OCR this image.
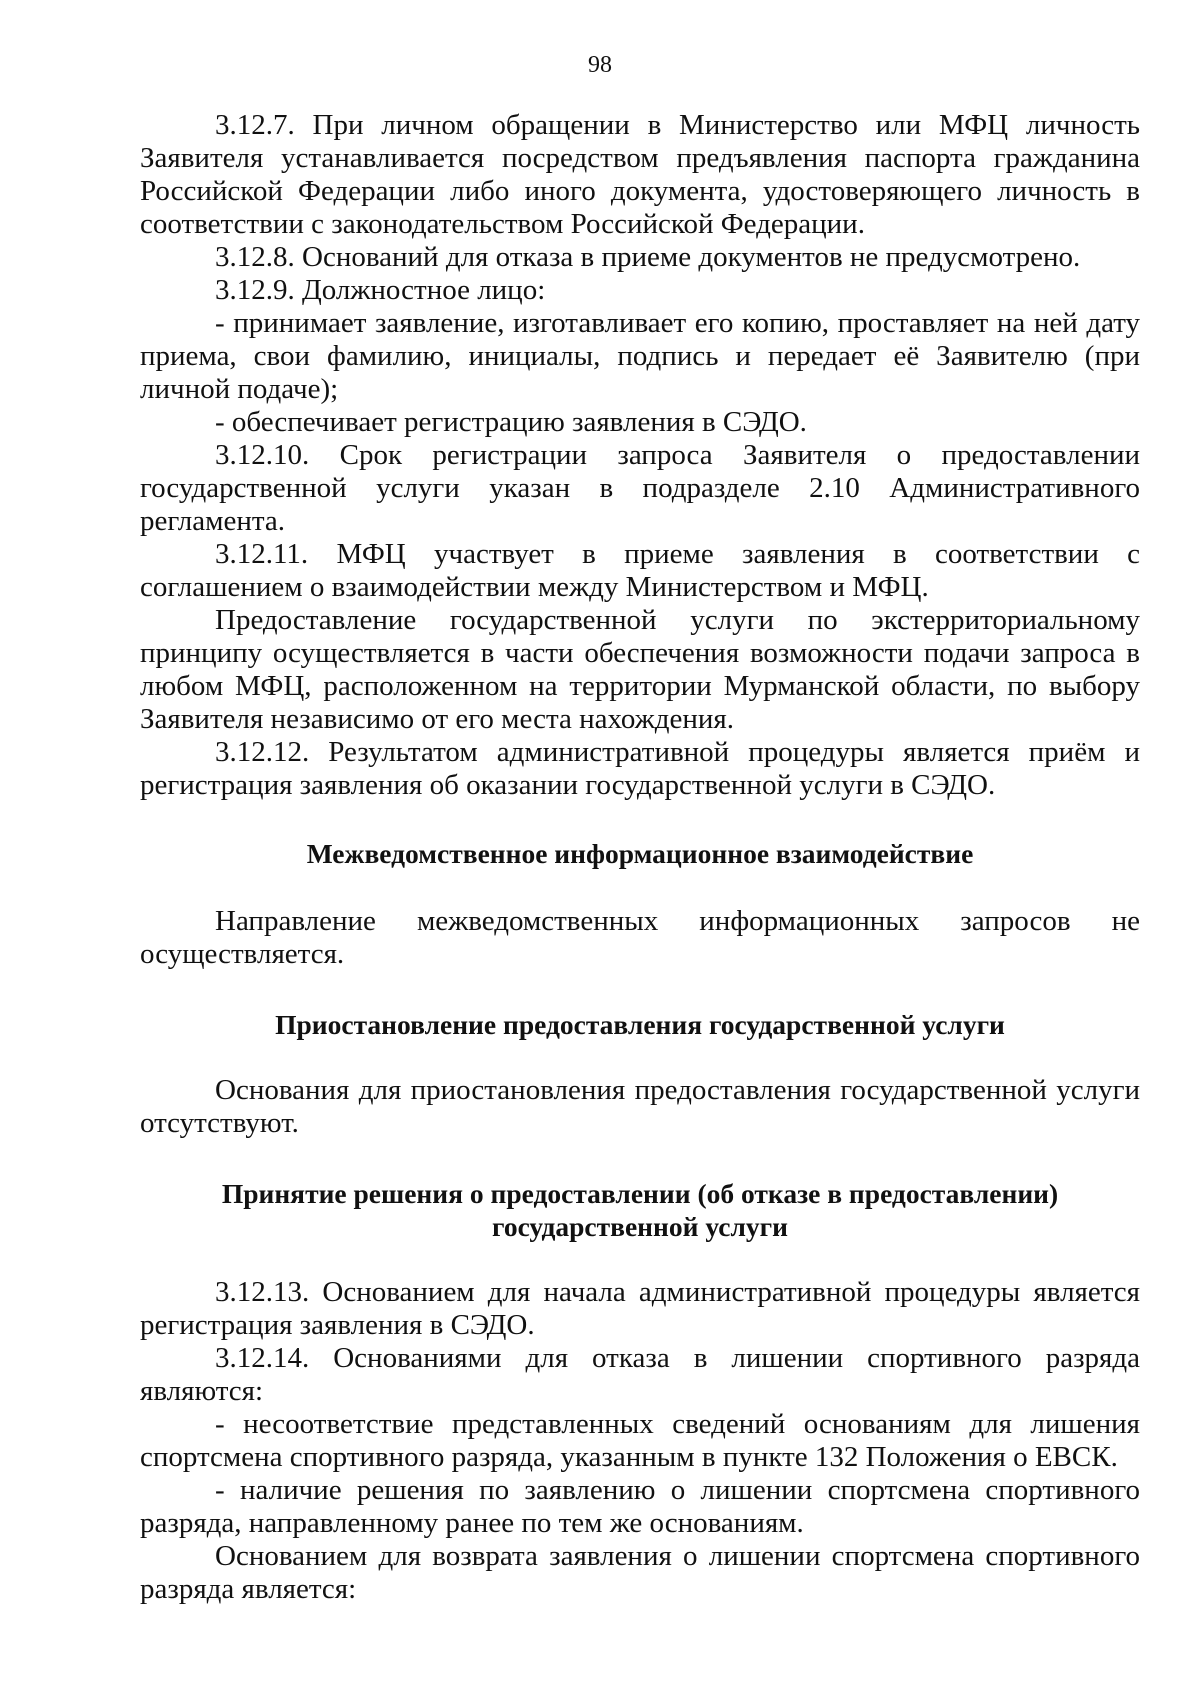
98

3.12.7. При личном обращении в Министерство или МФЦ личность Заявителя устанавливается посредством предъявления паспорта гражданина Российской Федерации либо иного документа, удостоверяющего личность в соответствии с законодательством Российской Федерации.

3.12.8. Оснований для отказа в приеме документов не предусмотрено.

3.12.9. Должностное лицо:

- принимает заявление, изготавливает его копию, проставляет на ней дату приема, свои фамилию, инициалы, подпись и передает её Заявителю (при личной подаче);

- обеспечивает регистрацию заявления в СЭДО.

3.12.10. Срок регистрации запроса Заявителя о предоставлении государственной услуги указан в подразделе 2.10 Административного регламента.

3.12.11. МФЦ участвует в приеме заявления в соответствии с соглашением о взаимодействии между Министерством и МФЦ.

Предоставление государственной услуги по экстерриториальному принципу осуществляется в части обеспечения возможности подачи запроса в любом МФЦ, расположенном на территории Мурманской области, по выбору Заявителя независимо от его места нахождения.

3.12.12. Результатом административной процедуры является приём и регистрация заявления об оказании государственной услуги в СЭДО.

Межведомственное информационное взаимодействие

Направление межведомственных информационных запросов не осуществляется.

Приостановление предоставления государственной услуги

Основания для приостановления предоставления государственной услуги отсутствуют.

Принятие решения о предоставлении (об отказе в предоставлении)
государственной услуги

3.12.13. Основанием для начала административной процедуры является регистрация заявления в СЭДО.

3.12.14. Основаниями для отказа в лишении спортивного разряда являются:

- несоответствие представленных сведений основаниям для лишения спортсмена спортивного разряда, указанным в пункте 132 Положения о ЕВСК.

- наличие решения по заявлению о лишении спортсмена спортивного разряда, направленному ранее по тем же основаниям.

Основанием для возврата заявления о лишении спортсмена спортивного разряда является:
